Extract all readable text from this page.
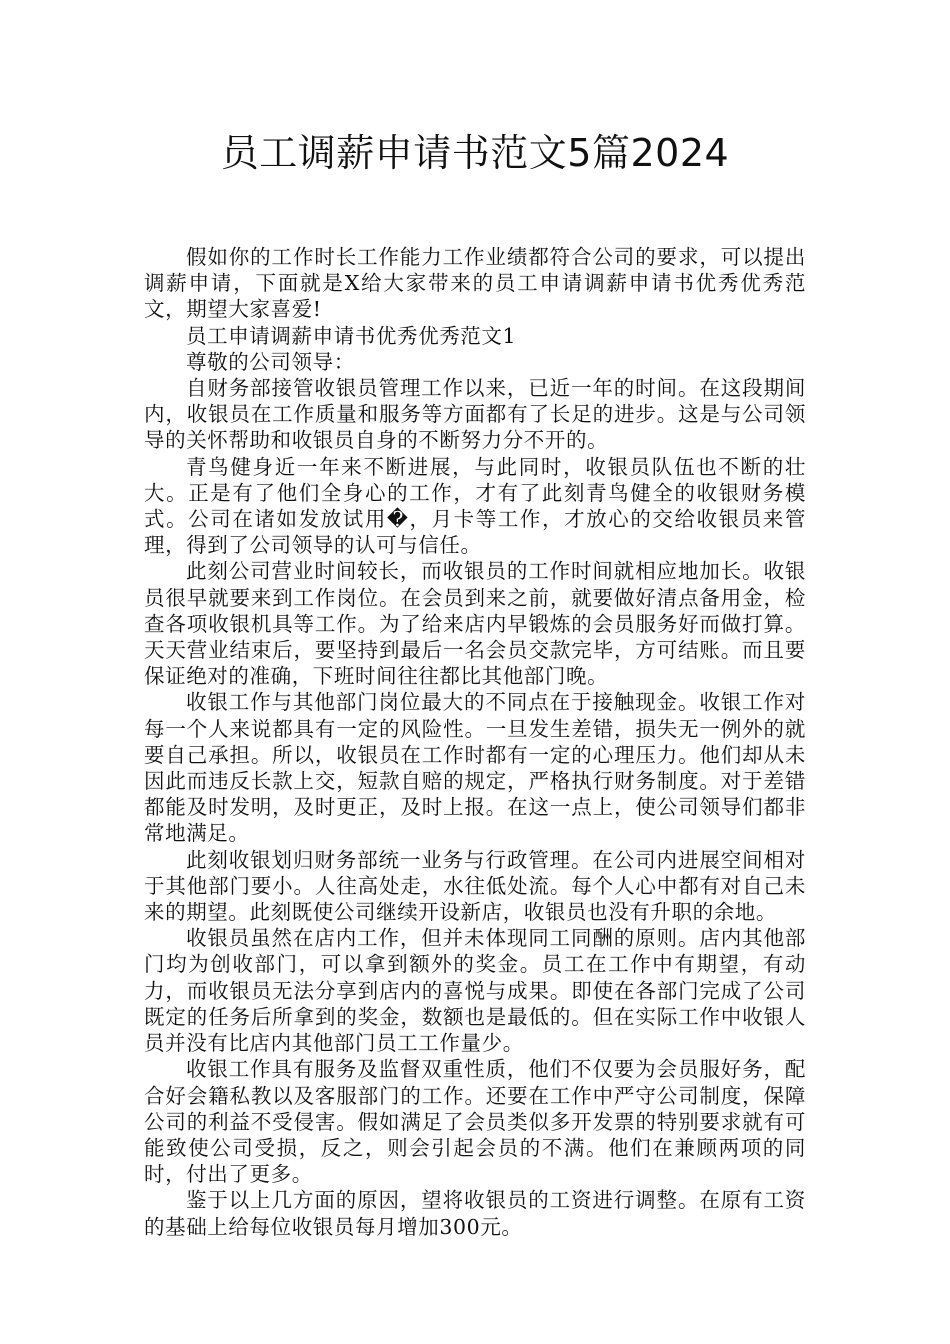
员工调薪申请书范文5篇2024

假如你的工作时长工作能力工作业绩都符合公司的要求，可以提出调薪申请，下面就是X给大家带来的员工申请调薪申请书优秀优秀范文，期望大家喜爱!

员工申请调薪申请书优秀优秀范文1

尊敬的公司领导：

自财务部接管收银员管理工作以来，已近一年的时间。在这段期间内，收银员在工作质量和服务等方面都有了长足的进步。这是与公司领导的关怀帮助和收银员自身的不断努力分不开的。

青鸟健身近一年来不断进展，与此同时，收银员队伍也不断的壮大。正是有了他们全身心的工作，才有了此刻青鸟健全的收银财务模式。公司在诸如发放试用�，月卡等工作，才放心的交给收银员来管理，得到了公司领导的认可与信任。

此刻公司营业时间较长，而收银员的工作时间就相应地加长。收银员很早就要来到工作岗位。在会员到来之前，就要做好清点备用金，检查各项收银机具等工作。为了给来店内早锻炼的会员服务好而做打算。天天营业结束后，要坚持到最后一名会员交款完毕，方可结账。而且要保证绝对的准确，下班时间往往都比其他部门晚。

收银工作与其他部门岗位最大的不同点在于接触现金。收银工作对每一个人来说都具有一定的风险性。一旦发生差错，损失无一例外的就要自己承担。所以，收银员在工作时都有一定的心理压力。他们却从未因此而违反长款上交，短款自赔的规定，严格执行财务制度。对于差错都能及时发明，及时更正，及时上报。在这一点上，使公司领导们都非常地满足。

此刻收银划归财务部统一业务与行政管理。在公司内进展空间相对于其他部门要小。人往高处走，水往低处流。每个人心中都有对自己未来的期望。此刻既使公司继续开设新店，收银员也没有升职的余地。

收银员虽然在店内工作，但并未体现同工同酬的原则。店内其他部门均为创收部门，可以拿到额外的奖金。员工在工作中有期望，有动力，而收银员无法分享到店内的喜悦与成果。即使在各部门完成了公司既定的任务后所拿到的奖金，数额也是最低的。但在实际工作中收银人员并没有比店内其他部门员工工作量少。

收银工作具有服务及监督双重性质，他们不仅要为会员服好务，配合好会籍私教以及客服部门的工作。还要在工作中严守公司制度，保障公司的利益不受侵害。假如满足了会员类似多开发票的特别要求就有可能致使公司受损，反之，则会引起会员的不满。他们在兼顾两项的同时，付出了更多。

鉴于以上几方面的原因，望将收银员的工资进行调整。在原有工资的基础上给每位收银员每月增加300元。
